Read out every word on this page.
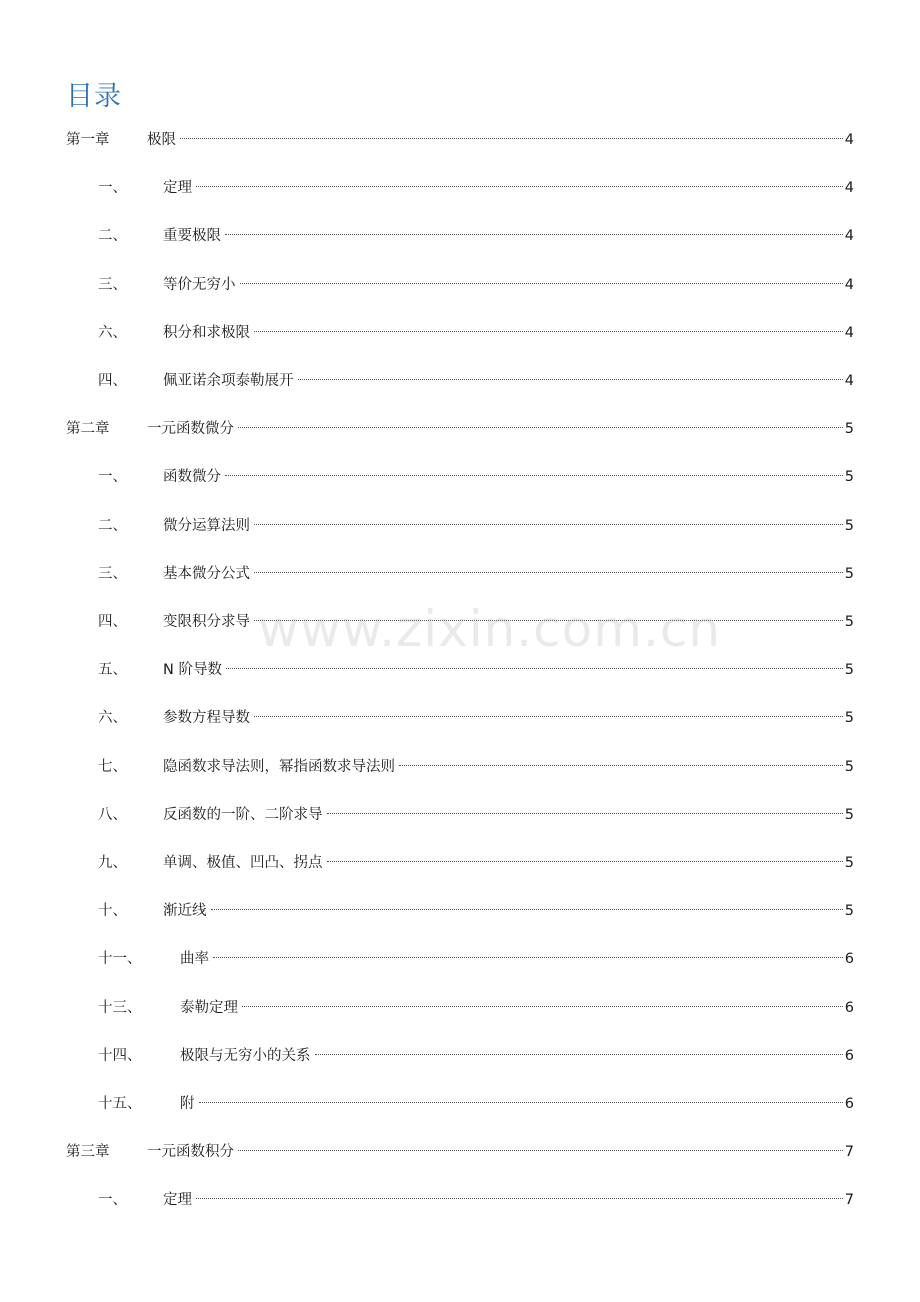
目录
第一章	极限	4
一、 定理	4
二、 重要极限	4
三、 等价无穷小	4
六、 积分和求极限	4
四、 佩亚诺余项泰勒展开	4
第二章	一元函数微分	5
一、 函数微分	5
二、 微分运算法则	5
三、 基本微分公式	5
四、 变限积分求导	5
五、 N 阶导数	5
六、 参数方程导数	5
七、 隐函数求导法则，幂指函数求导法则	5
八、 反函数的一阶、二阶求导	5
九、 单调、极值、凹凸、拐点	5
十、 渐近线	5
十一、	曲率	6
十三、	泰勒定理	6
十四、	极限与无穷小的关系	6
十五、	附	6
第三章	一元函数积分	7
一、 定理	7
www.zixin.com.cn
